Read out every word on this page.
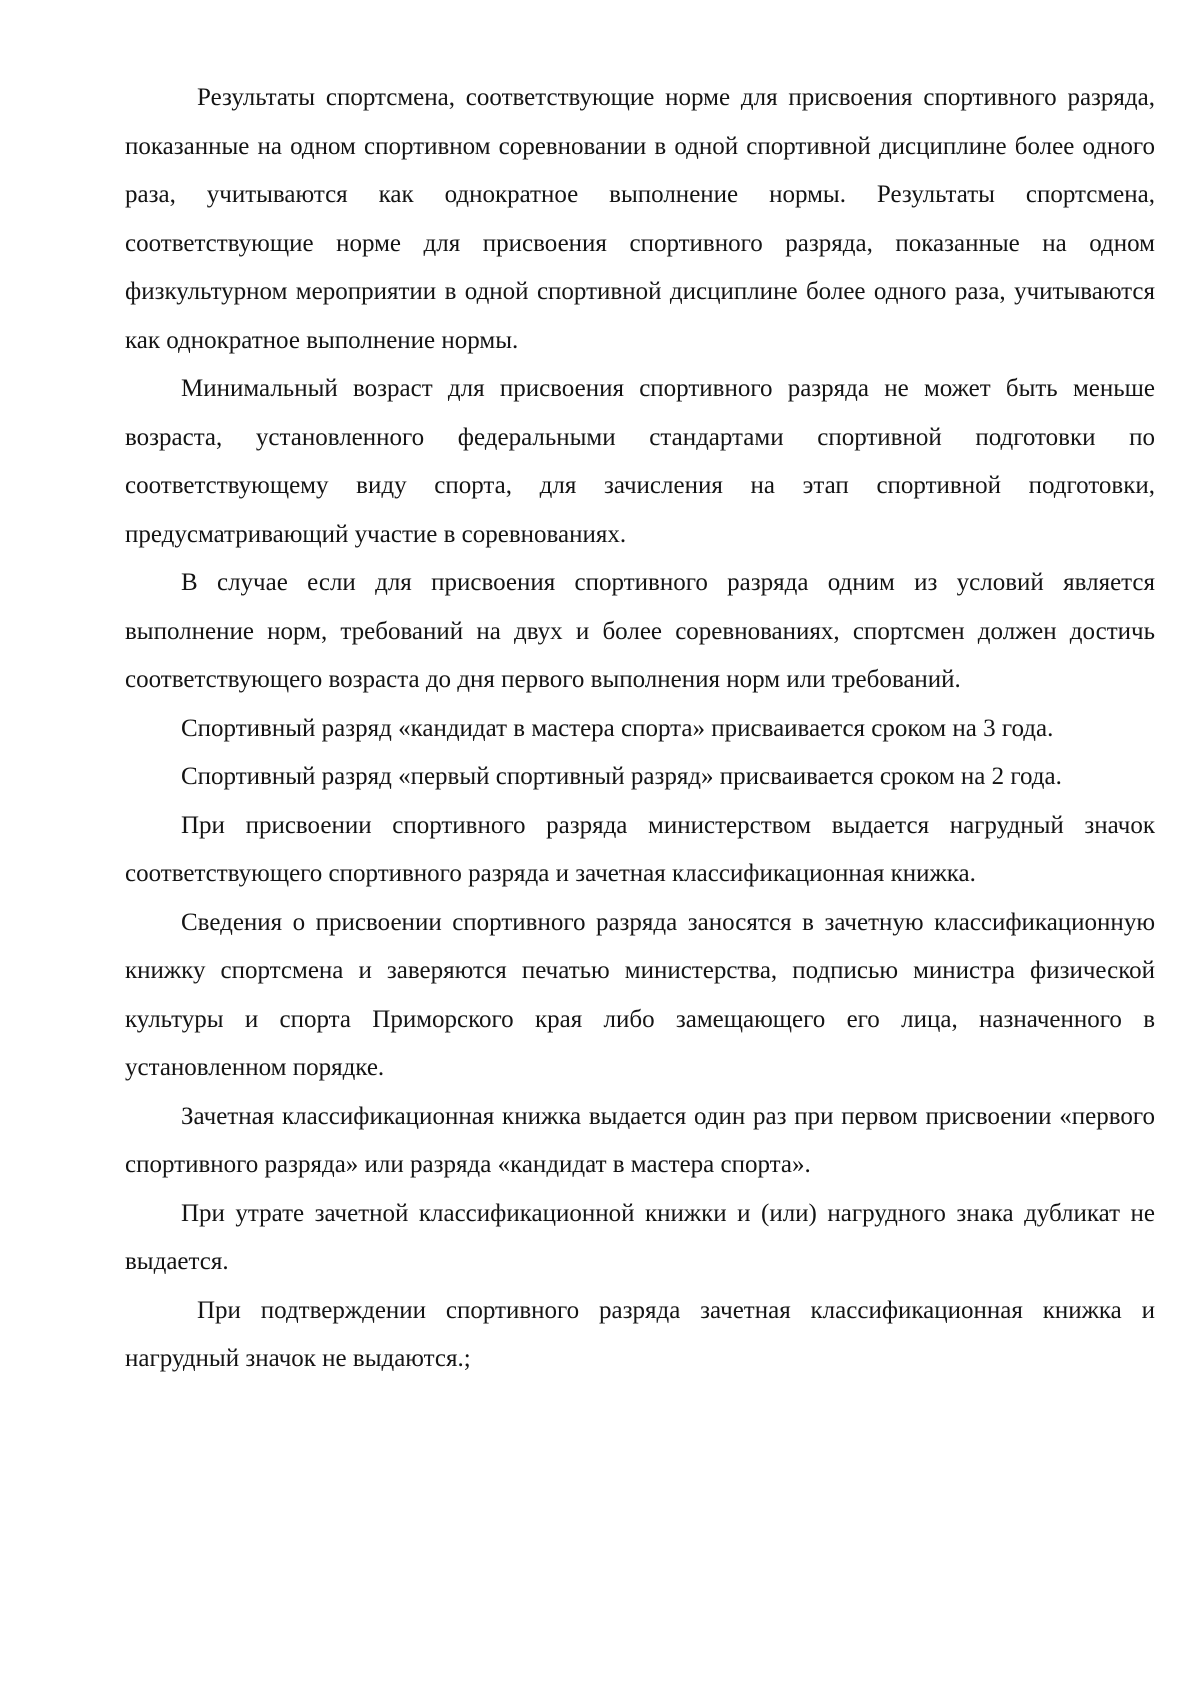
Результаты спортсмена, соответствующие норме для присвоения спортивного разряда, показанные на одном спортивном соревновании в одной спортивной дисциплине более одного раза, учитываются как однократное выполнение нормы. Результаты спортсмена, соответствующие норме для присвоения спортивного разряда, показанные на одном физкультурном мероприятии в одной спортивной дисциплине более одного раза, учитываются как однократное выполнение нормы.

Минимальный возраст для присвоения спортивного разряда не может быть меньше возраста, установленного федеральными стандартами спортивной подготовки по соответствующему виду спорта, для зачисления на этап спортивной подготовки, предусматривающий участие в соревнованиях.

В случае если для присвоения спортивного разряда одним из условий является выполнение норм, требований на двух и более соревнованиях, спортсмен должен достичь соответствующего возраста до дня первого выполнения норм или требований.

Спортивный разряд «кандидат в мастера спорта» присваивается сроком на 3 года.

Спортивный разряд «первый спортивный разряд» присваивается сроком на 2 года.

При присвоении спортивного разряда министерством выдается нагрудный значок соответствующего спортивного разряда и зачетная классификационная книжка.

Сведения о присвоении спортивного разряда заносятся в зачетную классификационную книжку спортсмена и заверяются печатью министерства, подписью министра физической культуры и спорта Приморского края либо замещающего его лица, назначенного в установленном порядке.

Зачетная классификационная книжка выдается один раз при первом присвоении «первого спортивного разряда» или разряда «кандидат в мастера спорта».

При утрате зачетной классификационной книжки и (или) нагрудного знака дубликат не выдается.

При подтверждении спортивного разряда зачетная классификационная книжка и нагрудный значок не выдаются.;
